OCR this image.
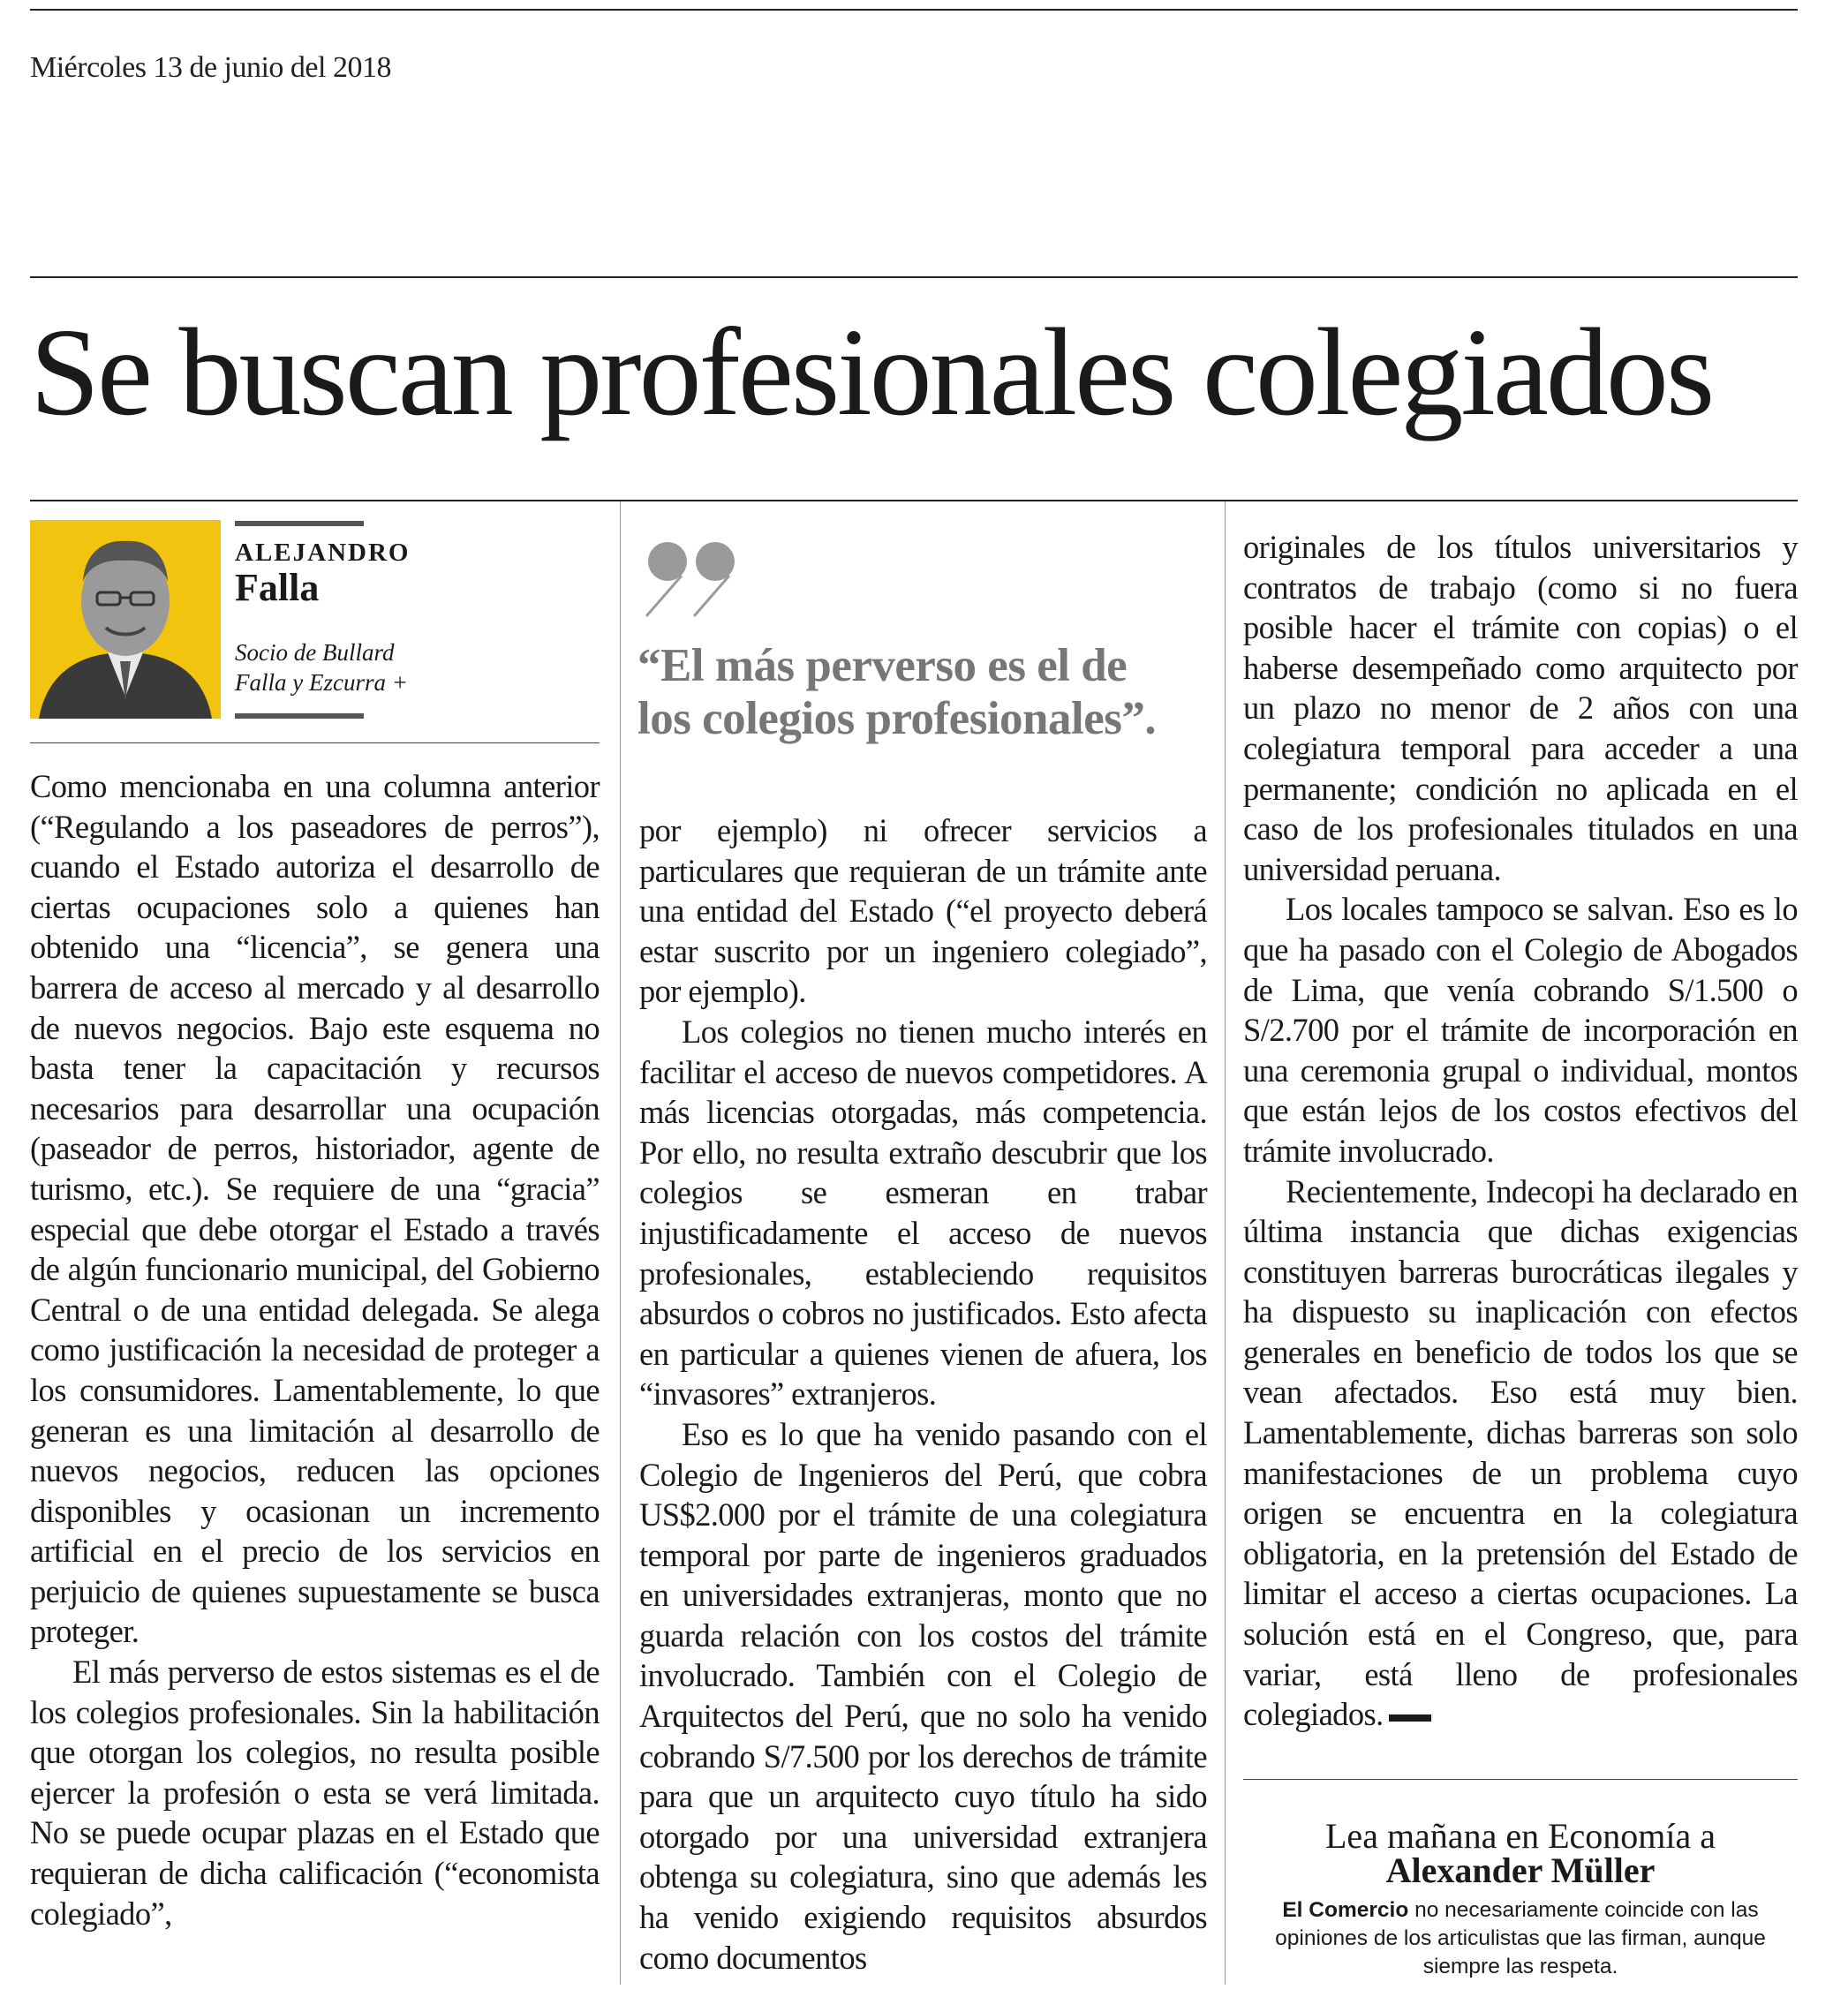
Miércoles 13 de junio del 2018
Se buscan profesionales colegiados
ALEJANDRO
Falla
Socio de Bullard
Falla y Ezcurra +	“El más perverso es el de los colegios profesionales”.

Como mencionaba en una columna anterior (“Regulando a los paseadores de perros”), cuando el Estado autoriza el desarrollo de ciertas ocupaciones solo a quienes han obtenido una “licencia”, se genera una barrera de acceso al mercado y al desarrollo de nuevos negocios. Bajo este esquema no basta tener la capacitación y recursos necesarios para desarrollar una ocupación (paseador de perros, historiador, agente de turismo, etc.). Se requiere de una “gracia” especial que debe otorgar el Estado a través de algún funcionario municipal, del Gobierno Central o de una entidad delegada. Se alega como justificación la necesidad de proteger a los consumidores. Lamentablemente, lo que generan es una limitación al desarrollo de nuevos negocios, reducen las opciones disponibles y ocasionan un incremento artificial en el precio de los servicios en perjuicio de quienes supuestamente se busca proteger.

El más perverso de estos sistemas es el de los colegios profesionales. Sin la habilitación que otorgan los colegios, no resulta posible ejercer la profesión o esta se verá limitada. No se puede ocupar plazas en el Estado que requieran de dicha calificación (“economista colegiado”,

por ejemplo) ni ofrecer servicios a particulares que requieran de un trámite ante una entidad del Estado (“el proyecto deberá estar suscrito por un ingeniero colegiado”, por ejemplo).

Los colegios no tienen mucho interés en facilitar el acceso de nuevos competidores. A más licencias otorgadas, más competencia. Por ello, no resulta extraño descubrir que los colegios se esmeran en trabar injustificadamente el acceso de nuevos profesionales, estableciendo requisitos absurdos o cobros no justificados. Esto afecta en particular a quienes vienen de afuera, los “invasores” extranjeros.

Eso es lo que ha venido pasando con el Colegio de Ingenieros del Perú, que cobra US$2.000 por el trámite de una colegiatura temporal por parte de ingenieros graduados en universidades extranjeras, monto que no guarda relación con los costos del trámite involucrado. También con el Colegio de Arquitectos del Perú, que no solo ha venido cobrando S/7.500 por los derechos de trámite para que un arquitecto cuyo título ha sido otorgado por una universidad extranjera obtenga su colegiatura, sino que además les ha venido exigiendo requisitos absurdos como documentos

originales de los títulos universitarios y contratos de trabajo (como si no fuera posible hacer el trámite con copias) o el haberse desempeñado como arquitecto por un plazo no menor de 2 años con una colegiatura temporal para acceder a una permanente; condición no aplicada en el caso de los profesionales titulados en una universidad peruana.

Los locales tampoco se salvan. Eso es lo que ha pasado con el Colegio de Abogados de Lima, que venía cobrando S/1.500 o S/2.700 por el trámite de incorporación en una ceremonia grupal o individual, montos que están lejos de los costos efectivos del trámite involucrado.

Recientemente, Indecopi ha declarado en última instancia que dichas exigencias constituyen barreras burocráticas ilegales y ha dispuesto su inaplicación con efectos generales en beneficio de todos los que se vean afectados. Eso está muy bien. Lamentablemente, dichas barreras son solo manifestaciones de un problema cuyo origen se encuentra en la colegiatura obligatoria, en la pretensión del Estado de limitar el acceso a ciertas ocupaciones. La solución está en el Congreso, que, para variar, está lleno de profesionales colegiados.

Lea mañana en Economía a
Alexander Müller
El Comercio no necesariamente coincide con las opiniones de los articulistas que las firman, aunque siempre las respeta.
